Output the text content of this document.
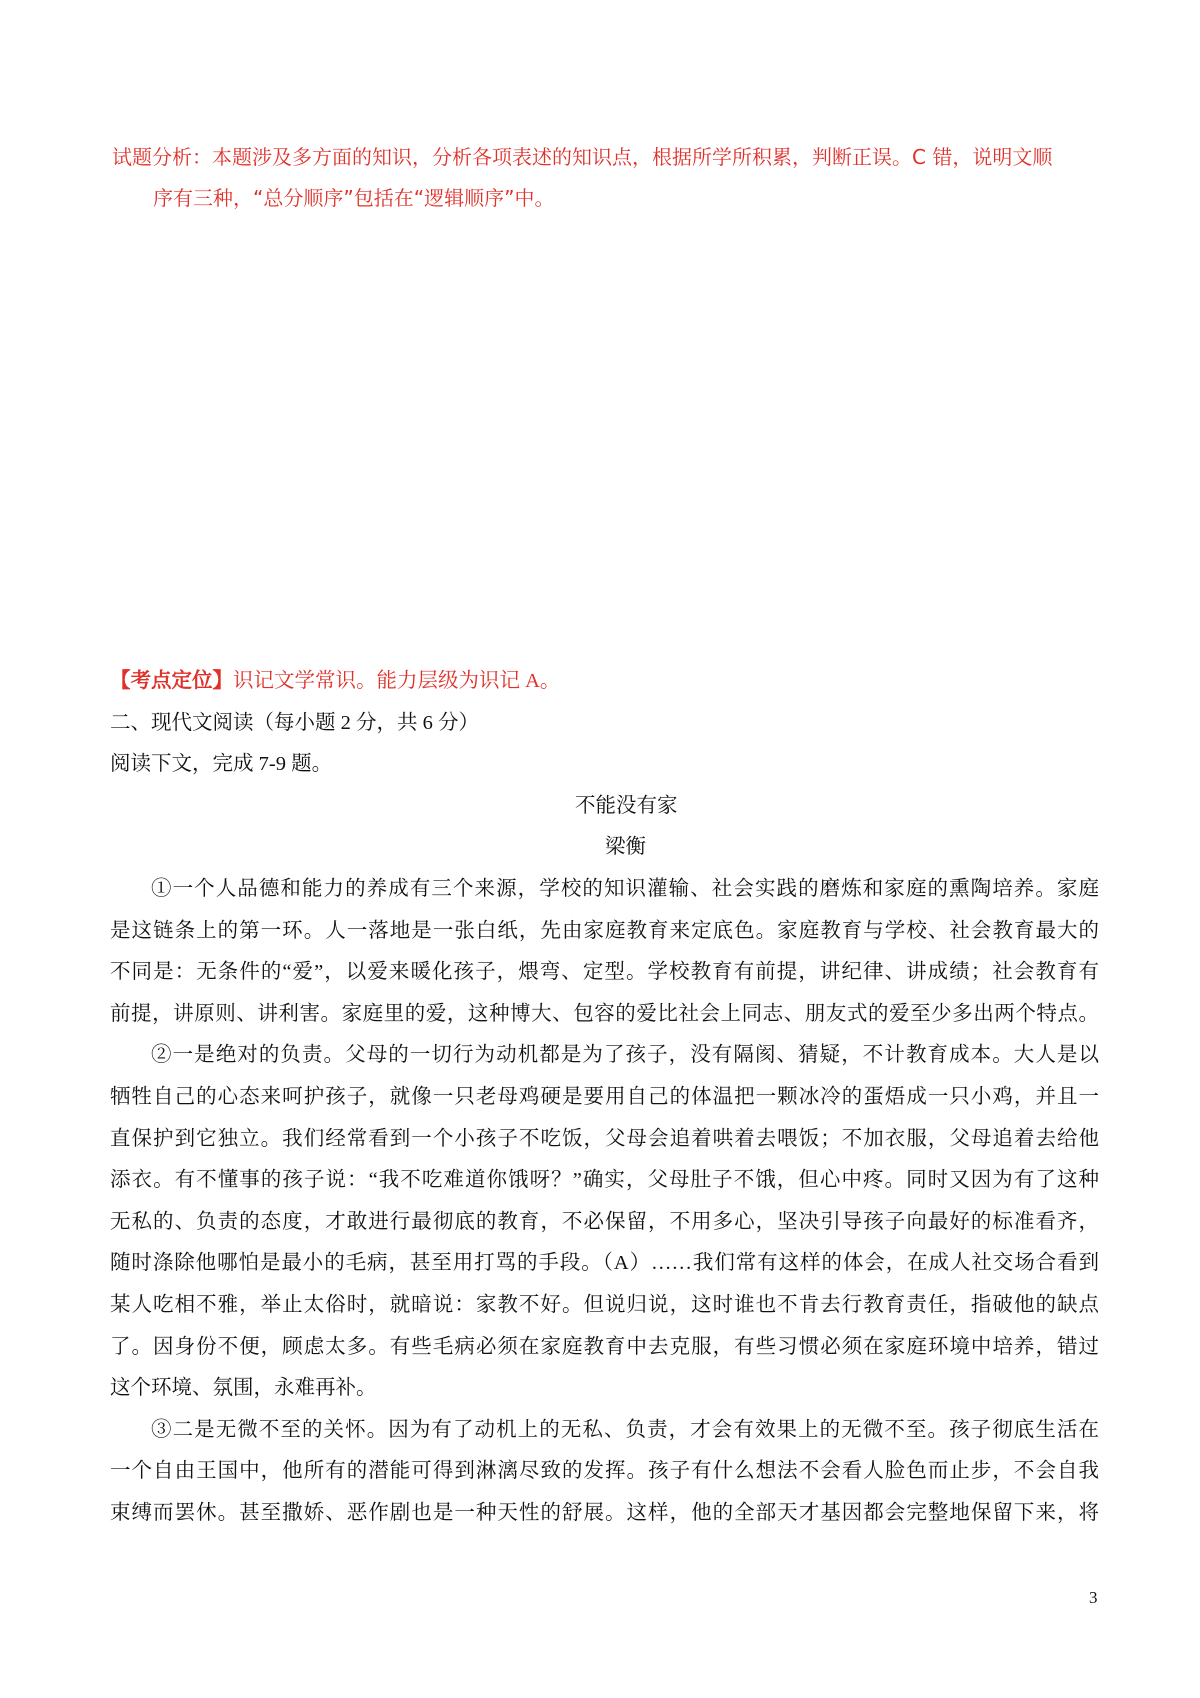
试题分析：本题涉及多方面的知识，分析各项表述的知识点，根据所学所积累，判断正误。C 错，说明文顺
序有三种，“总分顺序”包括在“逻辑顺序”中。
【考点定位】识记文学常识。能力层级为识记 A。
二、现代文阅读（每小题 2 分，共 6 分）
阅读下文，完成 7-9 题。
不能没有家
梁衡
①一个人品德和能力的养成有三个来源，学校的知识灌输、社会实践的磨炼和家庭的熏陶培养。家庭
是这链条上的第一环。人一落地是一张白纸，先由家庭教育来定底色。家庭教育与学校、社会教育最大的
不同是：无条件的“爱”，以爱来暖化孩子，煨弯、定型。学校教育有前提，讲纪律、讲成绩；社会教育有
前提，讲原则、讲利害。家庭里的爱，这种博大、包容的爱比社会上同志、朋友式的爱至少多出两个特点。
②一是绝对的负责。父母的一切行为动机都是为了孩子，没有隔阂、猜疑，不计教育成本。大人是以
牺牲自己的心态来呵护孩子，就像一只老母鸡硬是要用自己的体温把一颗冰冷的蛋焐成一只小鸡，并且一
直保护到它独立。我们经常看到一个小孩子不吃饭，父母会追着哄着去喂饭；不加衣服，父母追着去给他
添衣。有不懂事的孩子说：“我不吃难道你饿呀？”确实，父母肚子不饿，但心中疼。同时又因为有了这种
无私的、负责的态度，才敢进行最彻底的教育，不必保留，不用多心，坚决引导孩子向最好的标准看齐，
随时涤除他哪怕是最小的毛病，甚至用打骂的手段。（A）……我们常有这样的体会，在成人社交场合看到
某人吃相不雅，举止太俗时，就暗说：家教不好。但说归说，这时谁也不肯去行教育责任，指破他的缺点
了。因身份不便，顾虑太多。有些毛病必须在家庭教育中去克服，有些习惯必须在家庭环境中培养，错过
这个环境、氛围，永难再补。
③二是无微不至的关怀。因为有了动机上的无私、负责，才会有效果上的无微不至。孩子彻底生活在
一个自由王国中，他所有的潜能可得到淋漓尽致的发挥。孩子有什么想法不会看人脸色而止步，不会自我
束缚而罢休。甚至撒娇、恶作剧也是一种天性的舒展。这样，他的全部天才基因都会完整地保留下来，将
3
